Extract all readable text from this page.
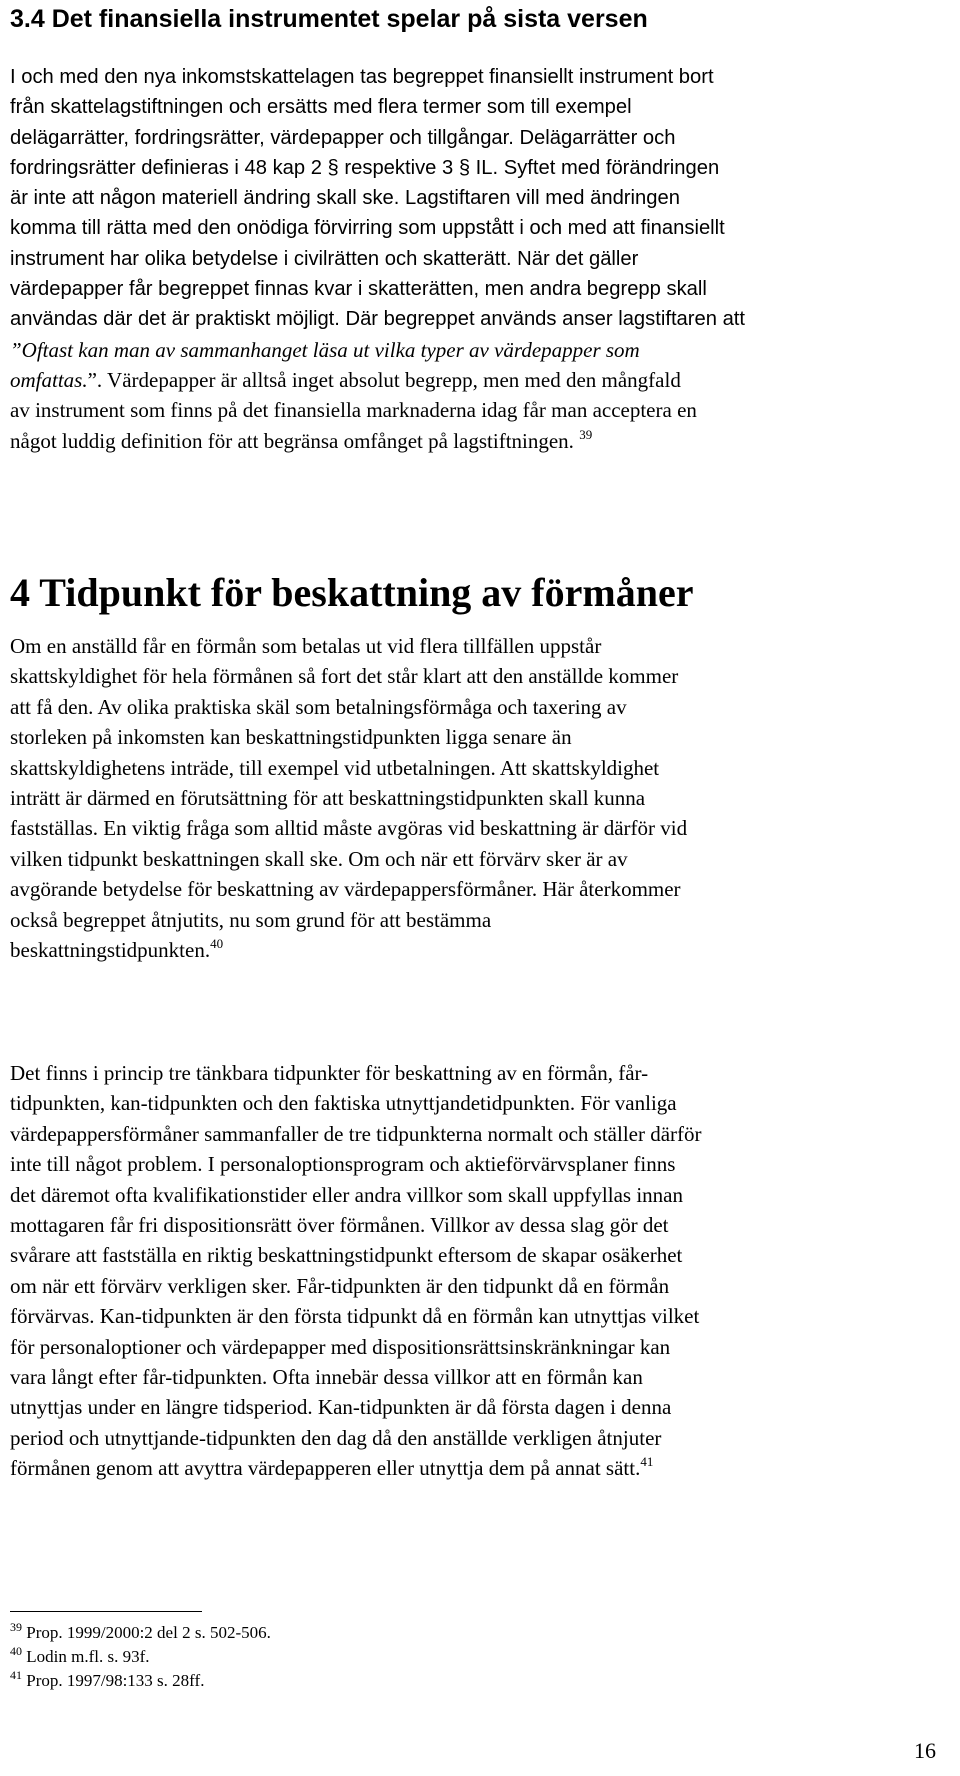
3.4 Det finansiella instrumentet spelar på sista versen
I och med den nya inkomstskattelagen tas begreppet finansiellt instrument bort
från skattelagstiftningen och ersätts med flera termer som till exempel
delägarrätter, fordringsrätter, värdepapper och tillgångar. Delägarrätter och
fordringsrätter definieras i 48 kap 2 § respektive 3 § IL. Syftet med förändringen
är inte att någon materiell ändring skall ske. Lagstiftaren vill med ändringen
komma till rätta med den onödiga förvirring som uppstått i och med att finansiellt
instrument har olika betydelse i civilrätten och skatterätt. När det gäller
värdepapper får begreppet finnas kvar i skatterätten, men andra begrepp skall
användas där det är praktiskt möjligt. Där begreppet används anser lagstiftaren att
”Oftast kan man av sammanhanget läsa ut vilka typer av värdepapper som
omfattas.”. Värdepapper är alltså inget absolut begrepp, men med den mångfald
av instrument som finns på det finansiella marknaderna idag får man acceptera en
något luddig definition för att begränsa omfånget på lagstiftningen. $^{39}$
4 Tidpunkt för beskattning av förmåner
Om en anställd får en förmån som betalas ut vid flera tillfällen uppstår
skattskyldighet för hela förmånen så fort det står klart att den anställde kommer
att få den. Av olika praktiska skäl som betalningsförmåga och taxering av
storleken på inkomsten kan beskattningstidpunkten ligga senare än
skattskyldighetens inträde, till exempel vid utbetalningen. Att skattskyldighet
inträtt är därmed en förutsättning för att beskattningstidpunkten skall kunna
fastställas. En viktig fråga som alltid måste avgöras vid beskattning är därför vid
vilken tidpunkt beskattningen skall ske. Om och när ett förvärv sker är av
avgörande betydelse för beskattning av värdepappersförmåner. Här återkommer
också begreppet åtnjutits, nu som grund för att bestämma
beskattningstidpunkten.$^{40}$
Det finns i princip tre tänkbara tidpunkter för beskattning av en förmån, får-
tidpunkten, kan-tidpunkten och den faktiska utnyttjandetidpunkten. För vanliga
värdepappersförmåner sammanfaller de tre tidpunkterna normalt och ställer därför
inte till något problem. I personaloptionsprogram och aktieförvärvsplaner finns
det däremot ofta kvalifikationstider eller andra villkor som skall uppfyllas innan
mottagaren får fri dispositionsrätt över förmånen. Villkor av dessa slag gör det
svårare att fastställa en riktig beskattningstidpunkt eftersom de skapar osäkerhet
om när ett förvärv verkligen sker. Får-tidpunkten är den tidpunkt då en förmån
förvärvas. Kan-tidpunkten är den första tidpunkt då en förmån kan utnyttjas vilket
för personaloptioner och värdepapper med dispositionsrättsinskränkningar kan
vara långt efter får-tidpunkten. Ofta innebär dessa villkor att en förmån kan
utnyttjas under en längre tidsperiod. Kan-tidpunkten är då första dagen i denna
period och utnyttjande-tidpunkten den dag då den anställde verkligen åtnjuter
förmånen genom att avyttra värdepapperen eller utnyttja dem på annat sätt.$^{41}$
$^{39}$ Prop. 1999/2000:2 del 2 s. 502-506.
$^{40}$ Lodin m.fl. s. 93f.
$^{41}$ Prop. 1997/98:133 s. 28ff.
16
